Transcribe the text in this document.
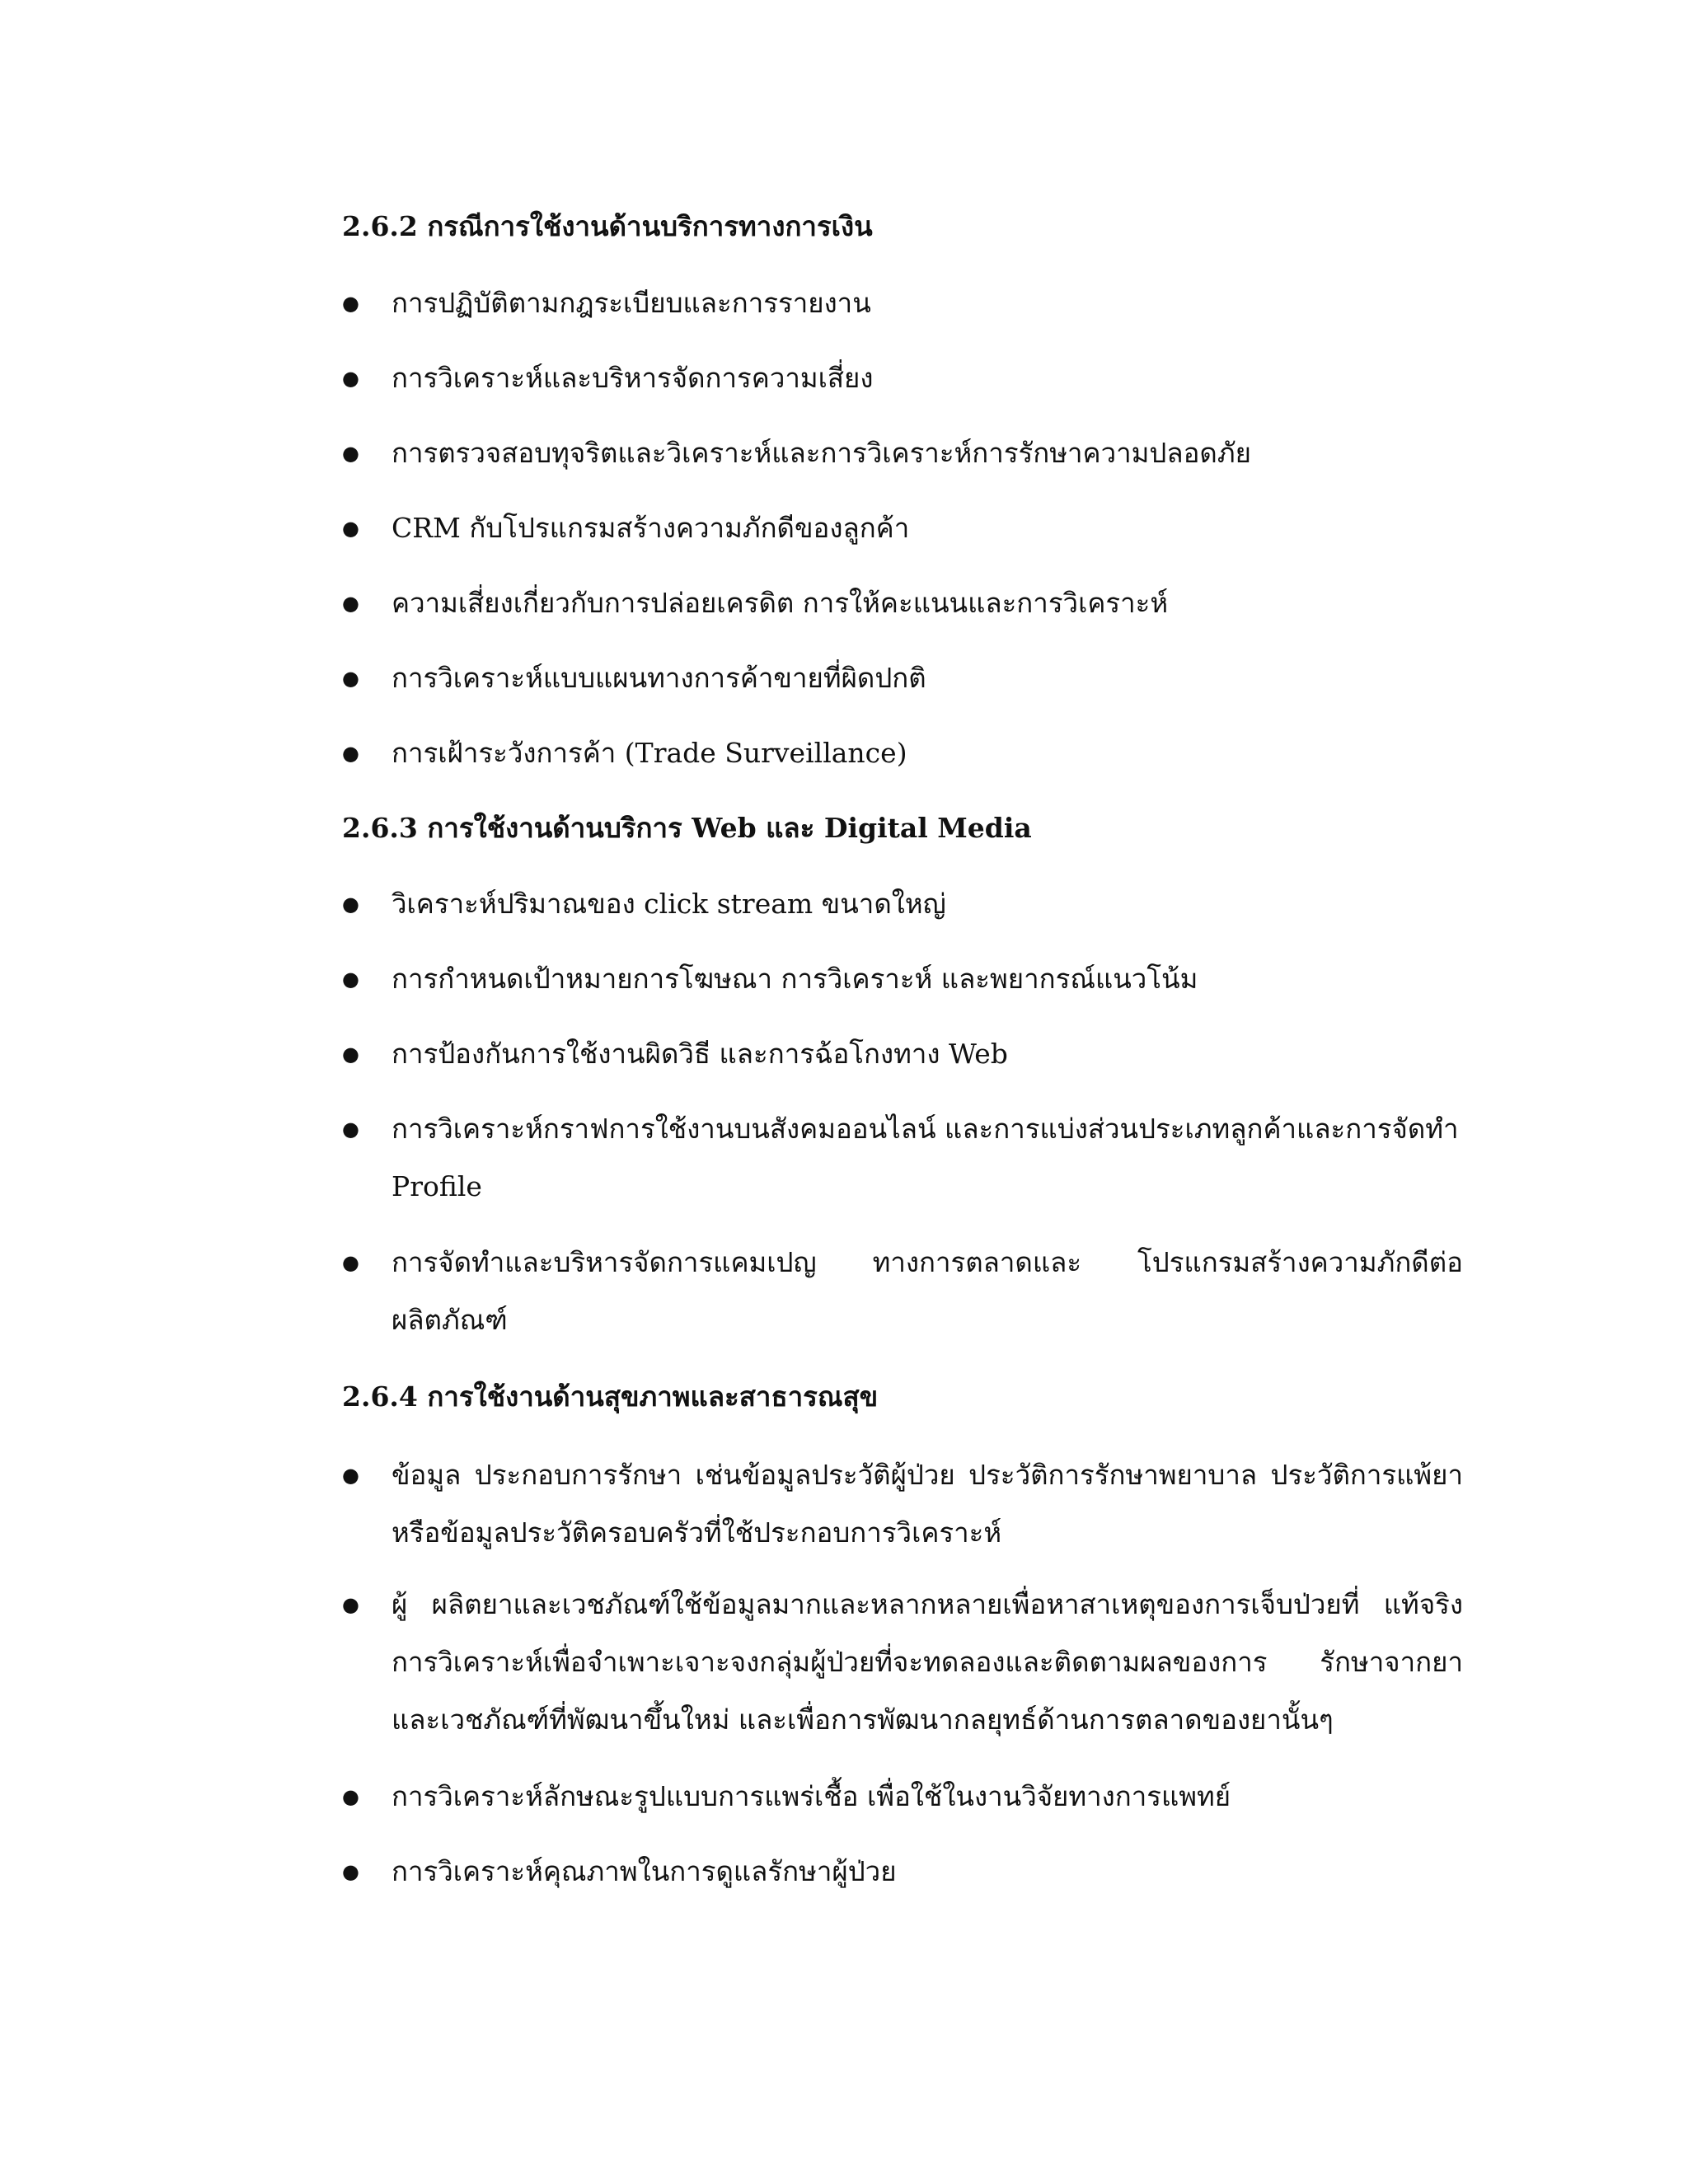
2.6.2 กรณีการใช้งานด้านบริการทางการเงิน
● การปฏิบัติตามกฎระเบียบและการรายงาน
● การวิเคราะห์และบริหารจัดการความเสี่ยง
● การตรวจสอบทุจริตและวิเคราะห์และการวิเคราะห์การรักษาความปลอดภัย
● CRM กับโปรแกรมสร้างความภักดีของลูกค้า
● ความเสี่ยงเกี่ยวกับการปล่อยเครดิต การให้คะแนนและการวิเคราะห์
● การวิเคราะห์แบบแผนทางการค้าขายที่ผิดปกติ
● การเฝ้าระวังการค้า (Trade Surveillance)
2.6.3 การใช้งานด้านบริการ Web และ Digital Media
● วิเคราะห์ปริมาณของ click stream ขนาดใหญ่
● การกำหนดเป้าหมายการโฆษณา การวิเคราะห์ และพยากรณ์แนวโน้ม
● การป้องกันการใช้งานผิดวิธี และการฉ้อโกงทาง Web
● การวิเคราะห์กราฟการใช้งานบนสังคมออนไลน์ และการแบ่งส่วนประเภทลูกค้าและการจัดทำ Profile
● การจัดทำและบริหารจัดการแคมเปญ ทางการตลาดและ โปรแกรมสร้างความภักดีต่อผลิตภัณฑ์
2.6.4 การใช้งานด้านสุขภาพและสาธารณสุข
● ข้อมูล ประกอบการรักษา เช่นข้อมูลประวัติผู้ป่วย ประวัติการรักษาพยาบาล ประวัติการแพ้ยา หรือข้อมูลประวัติครอบครัวที่ใช้ประกอบการวิเคราะห์
● ผู้ ผลิตยาและเวชภัณฑ์ใช้ข้อมูลมากและหลากหลายเพื่อหาสาเหตุของการเจ็บป่วยที่ แท้จริง การวิเคราะห์เพื่อจำเพาะเจาะจงกลุ่มผู้ป่วยที่จะทดลองและติดตามผลของการ รักษาจากยาและเวชภัณฑ์ที่พัฒนาขึ้นใหม่ และเพื่อการพัฒนากลยุทธ์ด้านการตลาดของยานั้นๆ
● การวิเคราะห์ลักษณะรูปแบบการแพร่เชื้อ เพื่อใช้ในงานวิจัยทางการแพทย์
● การวิเคราะห์คุณภาพในการดูแลรักษาผู้ป่วย
